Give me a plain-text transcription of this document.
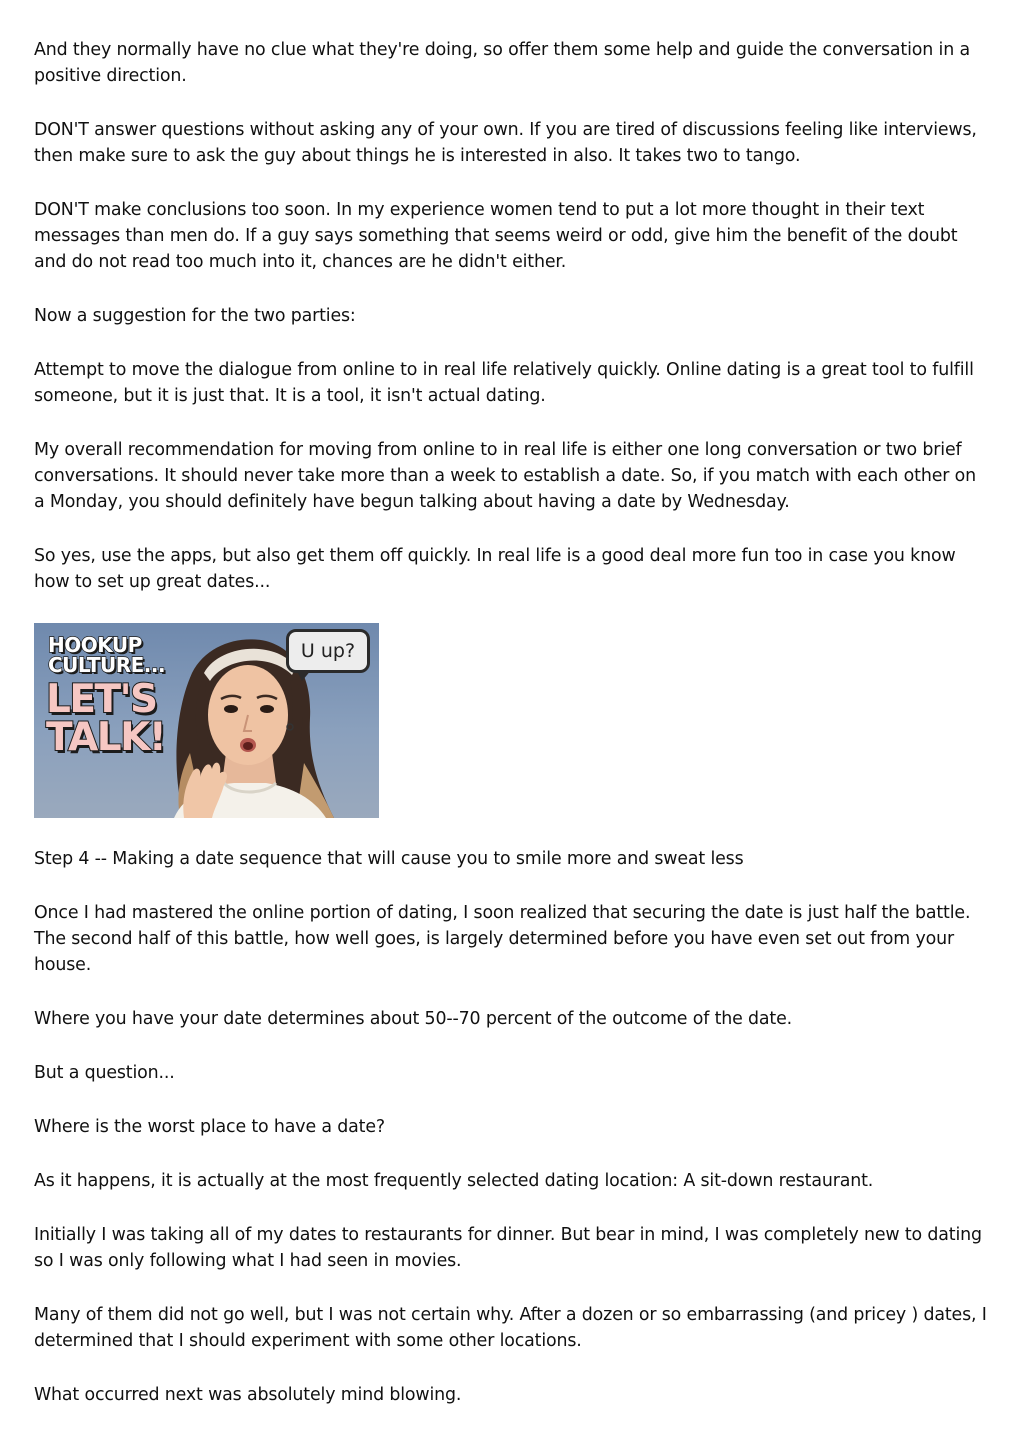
And they normally have no clue what they're doing, so offer them some help and guide the conversation in a positive direction.

DON'T answer questions without asking any of your own. If you are tired of discussions feeling like interviews, then make sure to ask the guy about things he is interested in also. It takes two to tango.

DON'T make conclusions too soon. In my experience women tend to put a lot more thought in their text messages than men do. If a guy says something that seems weird or odd, give him the benefit of the doubt and do not read too much into it, chances are he didn't either.

Now a suggestion for the two parties:

Attempt to move the dialogue from online to in real life relatively quickly. Online dating is a great tool to fulfill someone, but it is just that. It is a tool, it isn't actual dating.

My overall recommendation for moving from online to in real life is either one long conversation or two brief conversations. It should never take more than a week to establish a date. So, if you match with each other on a Monday, you should definitely have begun talking about having a date by Wednesday.

So yes, use the apps, but also get them off quickly. In real life is a good deal more fun too in case you know how to set up great dates...

HOOKUP
CULTURE...
LET'S
TALK!
U up?

Step 4 -- Making a date sequence that will cause you to smile more and sweat less

Once I had mastered the online portion of dating, I soon realized that securing the date is just half the battle. The second half of this battle, how well goes, is largely determined before you have even set out from your house.

Where you have your date determines about 50--70 percent of the outcome of the date.

But a question...

Where is the worst place to have a date?

As it happens, it is actually at the most frequently selected dating location: A sit-down restaurant.

Initially I was taking all of my dates to restaurants for dinner. But bear in mind, I was completely new to dating so I was only following what I had seen in movies.

Many of them did not go well, but I was not certain why. After a dozen or so embarrassing (and pricey ) dates, I determined that I should experiment with some other locations.

What occurred next was absolutely mind blowing.
